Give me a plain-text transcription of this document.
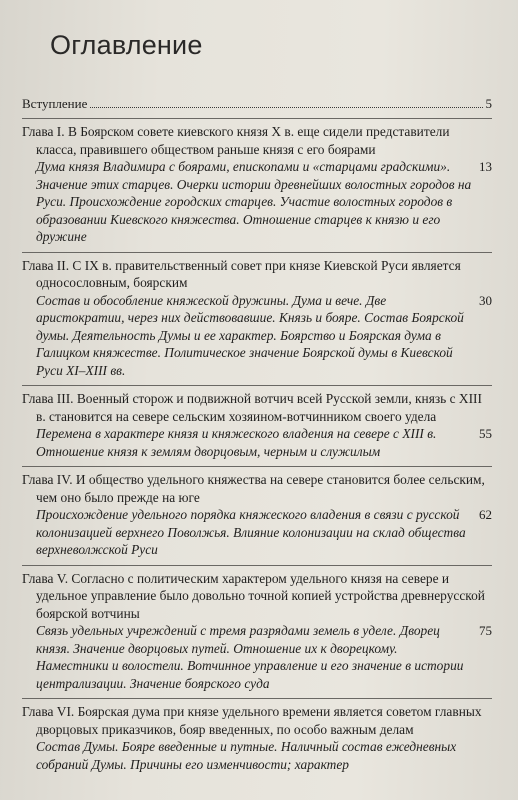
Оглавление
Вступление	5
Глава I. В Боярском совете киевского князя X в. еще сидели представители класса, правившего обществом раньше князя с его боярами
Дума князя Владимира с боярами, епископами и «старцами градскими». Значение этих старцев. Очерки истории древнейших волостных городов на Руси. Происхождение городских старцев. Участие волостных городов в образовании Киевского княжества. Отношение старцев к князю и его дружине
13
Глава II. С IX в. правительственный совет при князе Киевской Руси является односословным, боярским
Состав и обособление княжеской дружины. Дума и вече. Две аристократии, через них действовавшие. Князь и бояре. Состав Боярской думы. Деятельность Думы и ее характер. Боярство и Боярская дума в Галицком княжестве. Политическое значение Боярской думы в Киевской Руси XI–XIII вв.
30
Глава III. Военный сторож и подвижной вотчич всей Русской земли, князь с XIII в. становится на севере сельским хозяином-вотчинником своего удела
Перемена в характере князя и княжеского владения на севере с XIII в. Отношение князя к землям дворцовым, черным и служилым
55
Глава IV. И общество удельного княжества на севере становится более сельским, чем оно было прежде на юге
Происхождение удельного порядка княжеского владения в связи с русской колонизацией верхнего Поволжья. Влияние колонизации на склад общества верхневолжской Руси
62
Глава V. Согласно с политическим характером удельного князя на севере и удельное управление было довольно точной копией устройства древнерусской боярской вотчины
Связь удельных учреждений с тремя разрядами земель в уделе. Дворец князя. Значение дворцовых путей. Отношение их к дворецкому. Наместники и волостели. Вотчинное управление и его значение в истории централизации. Значение боярского суда
75
Глава VI. Боярская дума при князе удельного времени является советом главных дворцовых приказчиков, бояр введенных, по особо важным делам
Состав Думы. Бояре введенные и путные. Наличный состав ежедневных собраний Думы. Причины его изменчивости; характер
